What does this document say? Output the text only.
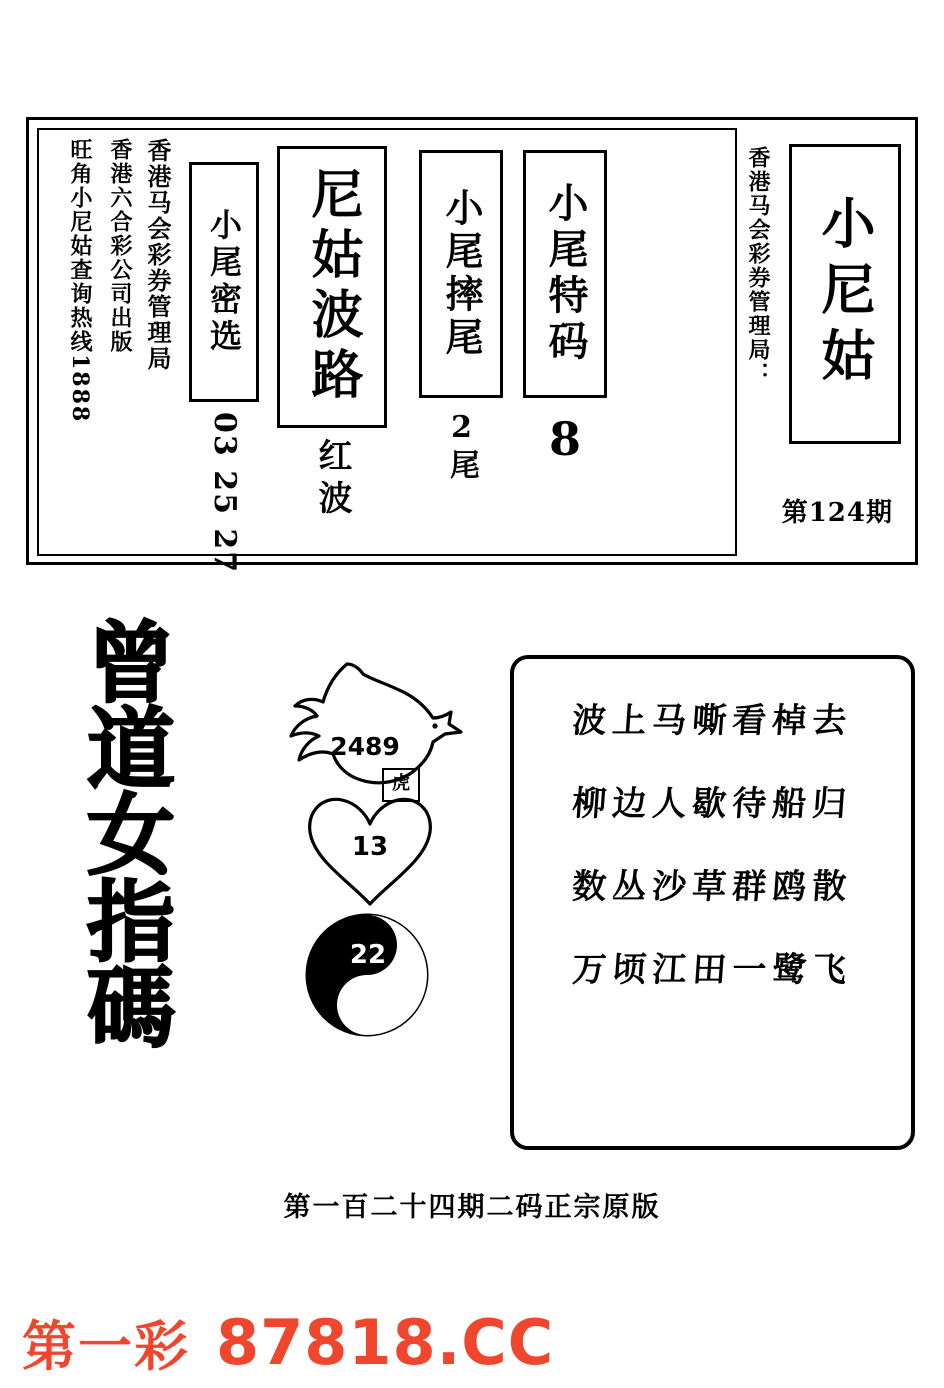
小尼姑
香港马会彩券管理局：
第124期
小尾特码
8
小尾摔尾
2尾
尼姑波路
红波
小尾密选
03 25 27
香港马会彩券管理局
香港六合彩公司出版
旺角小尼姑查询热线1888
曾
道
女
指
碼
2489
虎
13
22
波上马嘶看棹去
柳边人歇待船归
数丛沙草群鸥散
万顷江田一鹭飞
第一百二十四期二码正宗原版
第一彩 87818.CC
